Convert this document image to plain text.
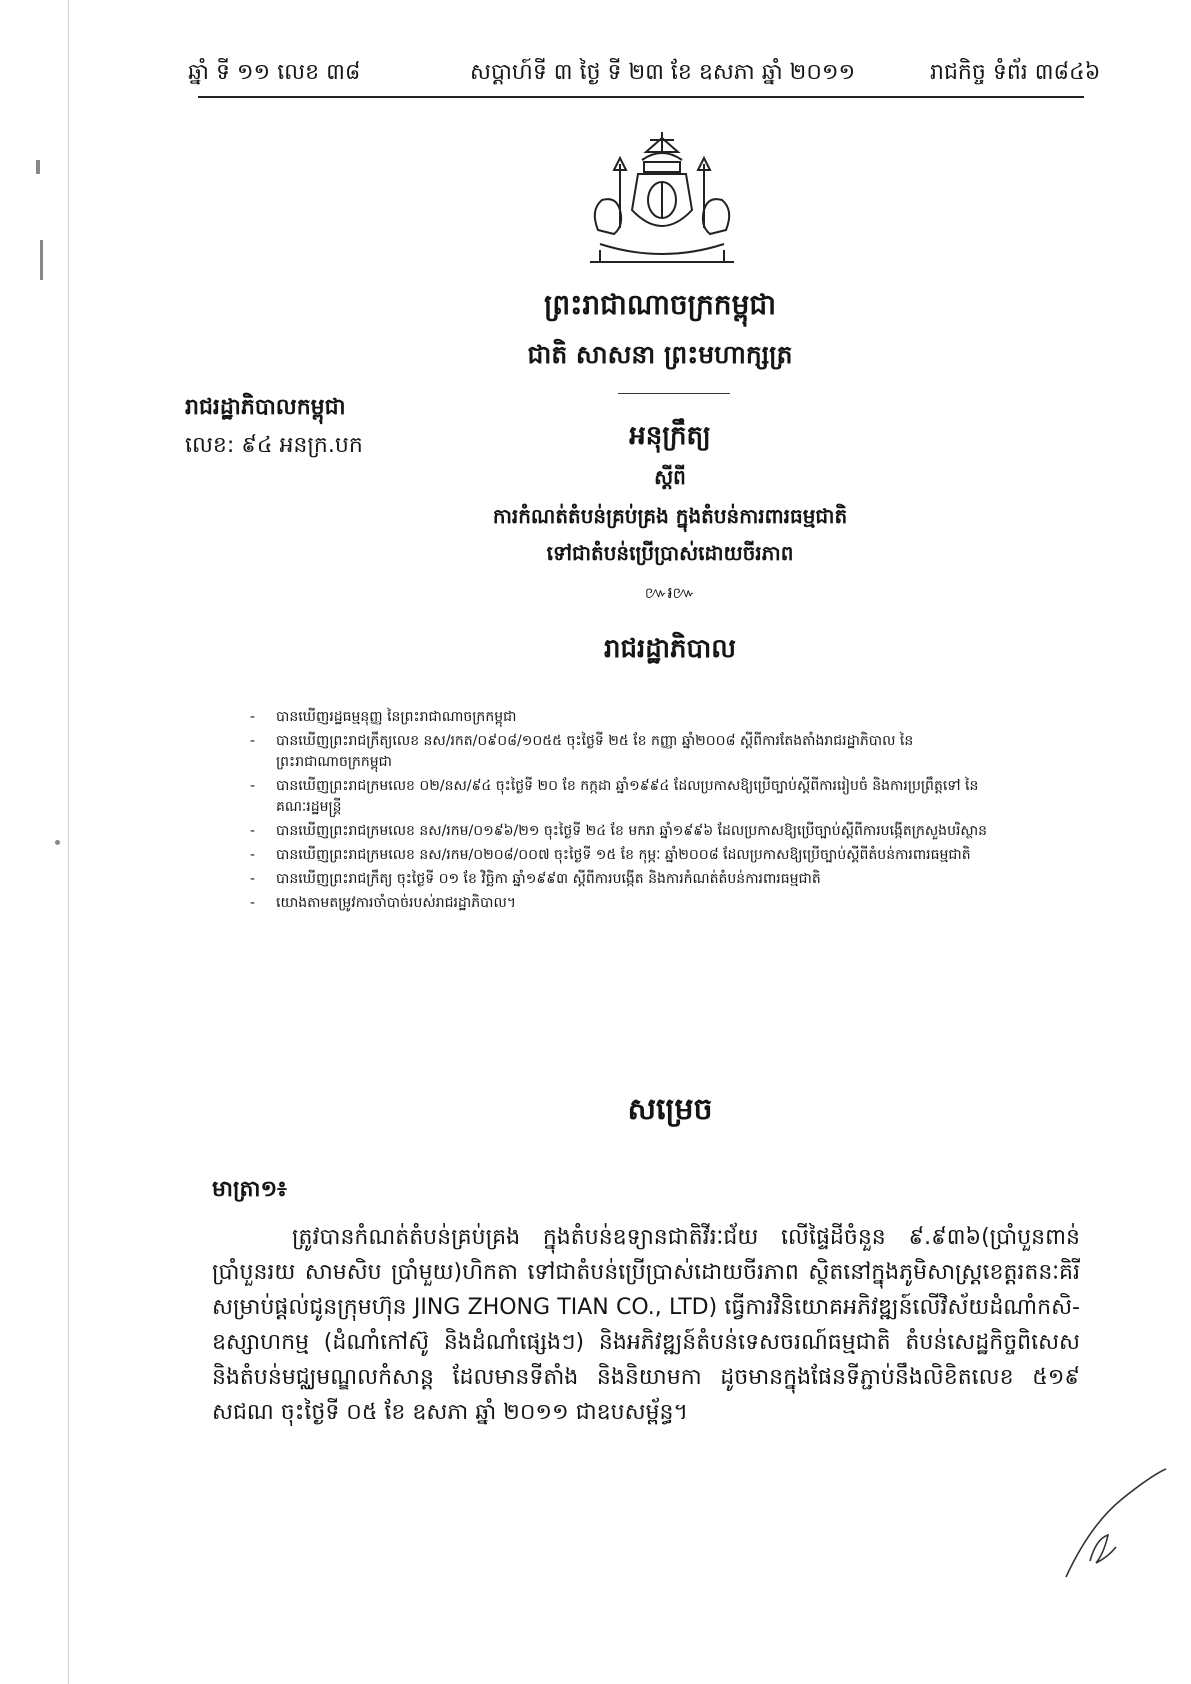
ឆ្នាំ ទី ១១ លេខ ៣៨	សប្តាហ៍ទី ៣ ថ្ងៃ ទី ២៣ ខែ ឧសភា ឆ្នាំ ២០១១	រាជកិច្ច ទំព័រ ៣៨៤៦
ព្រះរាជាណាចក្រកម្ពុជា
ជាតិ សាសនា ព្រះមហាក្សត្រ
រាជរដ្ឋាភិបាលកម្ពុជា
លេខ: ៩៤ អនក្រ.បក	អនុក្រឹត្យ
ស្តីពី
ការកំណត់តំបន់គ្រប់គ្រង ក្នុងតំបន់ការពារធម្មជាតិ
ទៅជាតំបន់ប្រើប្រាស់ដោយចីរភាព
៚៛៚
រាជរដ្ឋាភិបាល
- បានឃើញរដ្ឋធម្មនុញ្ញ នៃព្រះរាជាណាចក្រកម្ពុជា
- បានឃើញព្រះរាជក្រឹត្យលេខ នស/រកត/០៩០៨/១០៥៥ ចុះថ្ងៃទី ២៥ ខែ កញ្ញា ឆ្នាំ២០០៨ ស្តីពីការតែងតាំងរាជរដ្ឋាភិបាល នៃព្រះរាជាណាចក្រកម្ពុជា
- បានឃើញព្រះរាជក្រមលេខ ០២/នស/៩៤ ចុះថ្ងៃទី ២០ ខែ កក្កដា ឆ្នាំ១៩៩៤ ដែលប្រកាសឱ្យប្រើច្បាប់ស្តីពីការរៀបចំ និងការប្រព្រឹត្តទៅ នៃគណៈរដ្ឋមន្ត្រី
- បានឃើញព្រះរាជក្រមលេខ នស/រកម/០១៩៦/២១ ចុះថ្ងៃទី ២៤ ខែ មករា ឆ្នាំ១៩៩៦ ដែលប្រកាសឱ្យប្រើច្បាប់ស្តីពីការបង្កើតក្រសួងបរិស្ថាន
- បានឃើញព្រះរាជក្រមលេខ នស/រកម/០២០៨/០០៧ ចុះថ្ងៃទី ១៥ ខែ កុម្ភៈ ឆ្នាំ២០០៨ ដែលប្រកាសឱ្យប្រើច្បាប់ស្តីពីតំបន់ការពារធម្មជាតិ
- បានឃើញព្រះរាជក្រឹត្យ ចុះថ្ងៃទី ០១ ខែ វិច្ឆិកា ឆ្នាំ១៩៩៣ ស្តីពីការបង្កើត និងការកំណត់តំបន់ការពារធម្មជាតិ
- យោងតាមតម្រូវការចាំបាច់របស់រាជរដ្ឋាភិបាល។
សម្រេច
មាត្រា១៖
ត្រូវបានកំណត់តំបន់គ្រប់គ្រង ក្នុងតំបន់ឧទ្យានជាតិវីរៈជ័យ លើផ្ទៃដីចំនួន ៩.៩៣៦(ប្រាំបួនពាន់ ប្រាំបួនរយ សាមសិប ប្រាំមួយ)ហិកតា ទៅជាតំបន់ប្រើប្រាស់ដោយចីរភាព ស្ថិតនៅក្នុងភូមិសាស្ត្រខេត្តរតនៈគិរី សម្រាប់ផ្តល់ជូនក្រុមហ៊ុន JING ZHONG TIAN CO., LTD) ធ្វើការវិនិយោគអភិវឌ្ឍន៍លើវិស័យដំណាំកសិ-ឧស្សាហកម្ម (ដំណាំកៅស៊ូ និងដំណាំផ្សេងៗ) និងអភិវឌ្ឍន៍តំបន់ទេសចរណ៍ធម្មជាតិ តំបន់សេដ្ឋកិច្ចពិសេស និងតំបន់មជ្ឈមណ្ឌលកំសាន្ត ដែលមានទីតាំង និងនិយាមកា ដូចមានក្នុងផែនទីភ្ជាប់នឹងលិខិតលេខ ៥១៩ សជណ ចុះថ្ងៃទី ០៥ ខែ ឧសភា ឆ្នាំ ២០១១ ជាឧបសម្ព័ន្ធ។
